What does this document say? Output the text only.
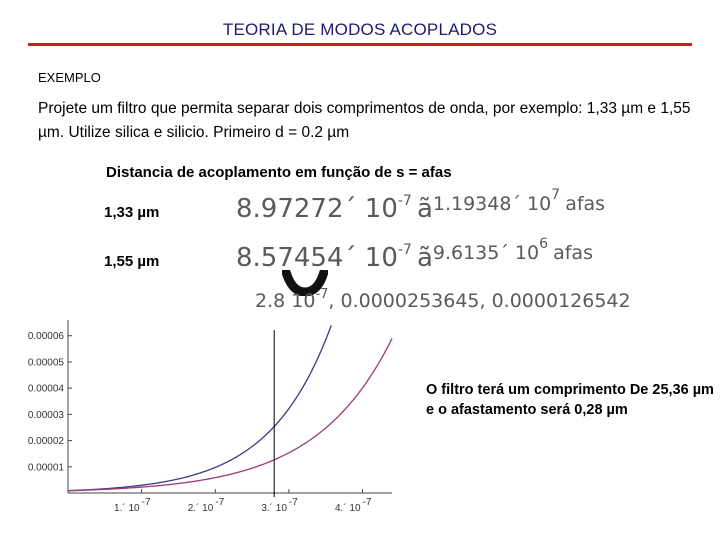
TEORIA DE MODOS ACOPLADOS
EXEMPLO
Projete um filtro que permita separar dois comprimentos de onda, por exemplo: 1,33 µm e 1,55 µm. Utilize silica e silicio. Primeiro d = 0.2 µm
Distancia de acoplamento em função de s = afas
1,33 µm	8.97272´ 10-7 ã1.19348´ 107 afas
1,55 µm	8.57454´ 10-7 ã9.6135´ 106 afas
2.8 $10^{-7}$, 0.0000253645, 0.0000126542
0.00001
0.00002
0.00003
0.00004
0.00005
0.00006
1.´ 10
-7
2.´ 10
-7
3.´ 10
-7
4.´ 10
-7
O filtro terá um comprimento De 25,36 µm e o afastamento será 0,28 µm
